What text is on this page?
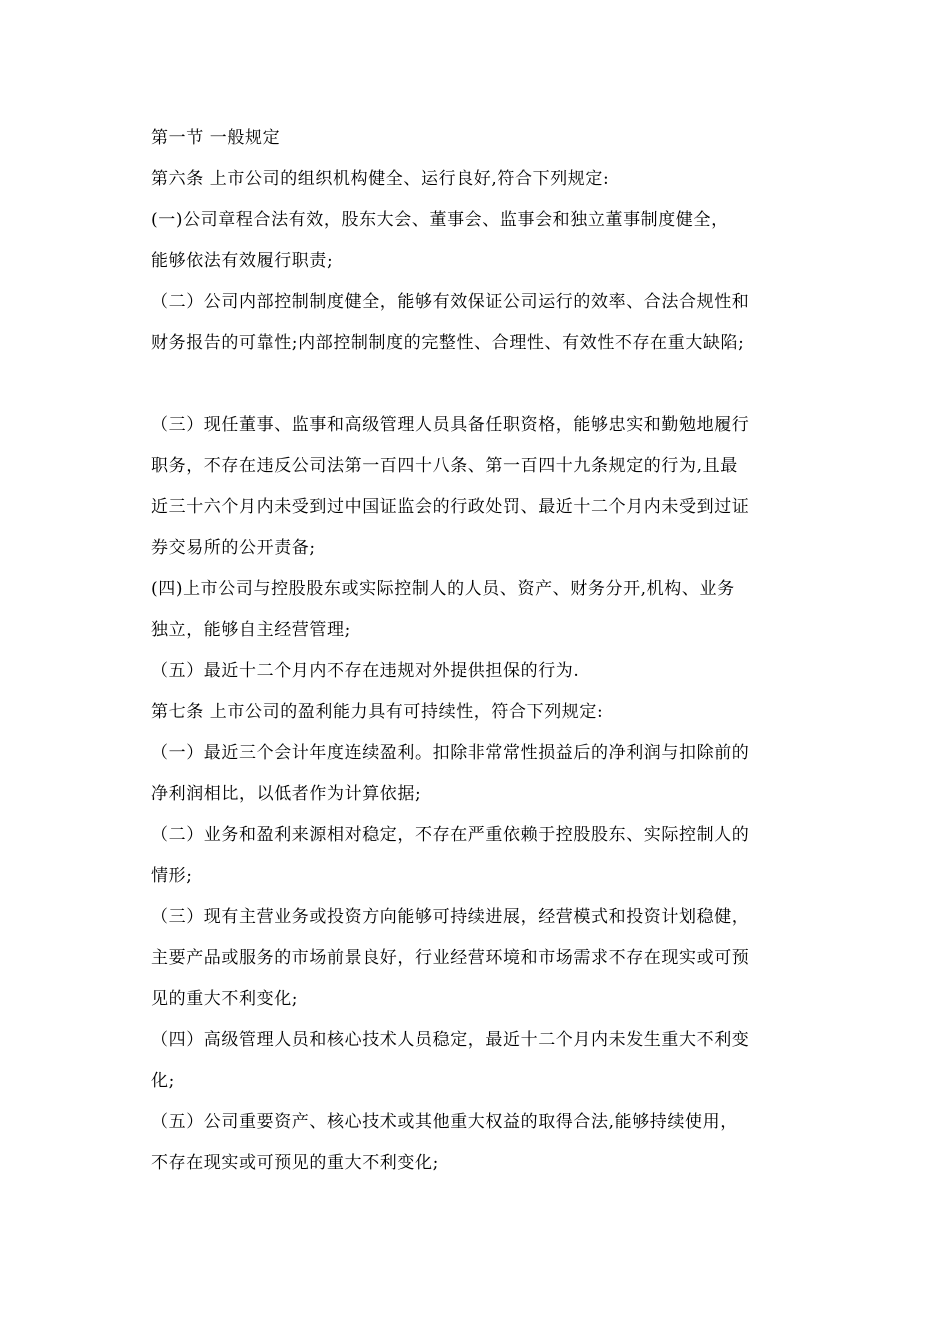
第一节 一般规定
第六条 上市公司的组织机构健全、运行良好,符合下列规定:
(一)公司章程合法有效，股东大会、董事会、监事会和独立董事制度健全，
能够依法有效履行职责;
（二）公司内部控制制度健全，能够有效保证公司运行的效率、合法合规性和
财务报告的可靠性;内部控制制度的完整性、合理性、有效性不存在重大缺陷;
（三）现任董事、监事和高级管理人员具备任职资格，能够忠实和勤勉地履行
职务，不存在违反公司法第一百四十八条、第一百四十九条规定的行为,且最
近三十六个月内未受到过中国证监会的行政处罚、最近十二个月内未受到过证
券交易所的公开责备;
(四)上市公司与控股股东或实际控制人的人员、资产、财务分开,机构、业务
独立，能够自主经营管理;
（五）最近十二个月内不存在违规对外提供担保的行为.
第七条 上市公司的盈利能力具有可持续性，符合下列规定:
（一）最近三个会计年度连续盈利。扣除非常常性损益后的净利润与扣除前的
净利润相比，以低者作为计算依据;
（二）业务和盈利来源相对稳定，不存在严重依赖于控股股东、实际控制人的
情形;
（三）现有主营业务或投资方向能够可持续进展，经营模式和投资计划稳健，
主要产品或服务的市场前景良好，行业经营环境和市场需求不存在现实或可预
见的重大不利变化;
（四）高级管理人员和核心技术人员稳定，最近十二个月内未发生重大不利变
化;
（五）公司重要资产、核心技术或其他重大权益的取得合法,能够持续使用，
不存在现实或可预见的重大不利变化;
